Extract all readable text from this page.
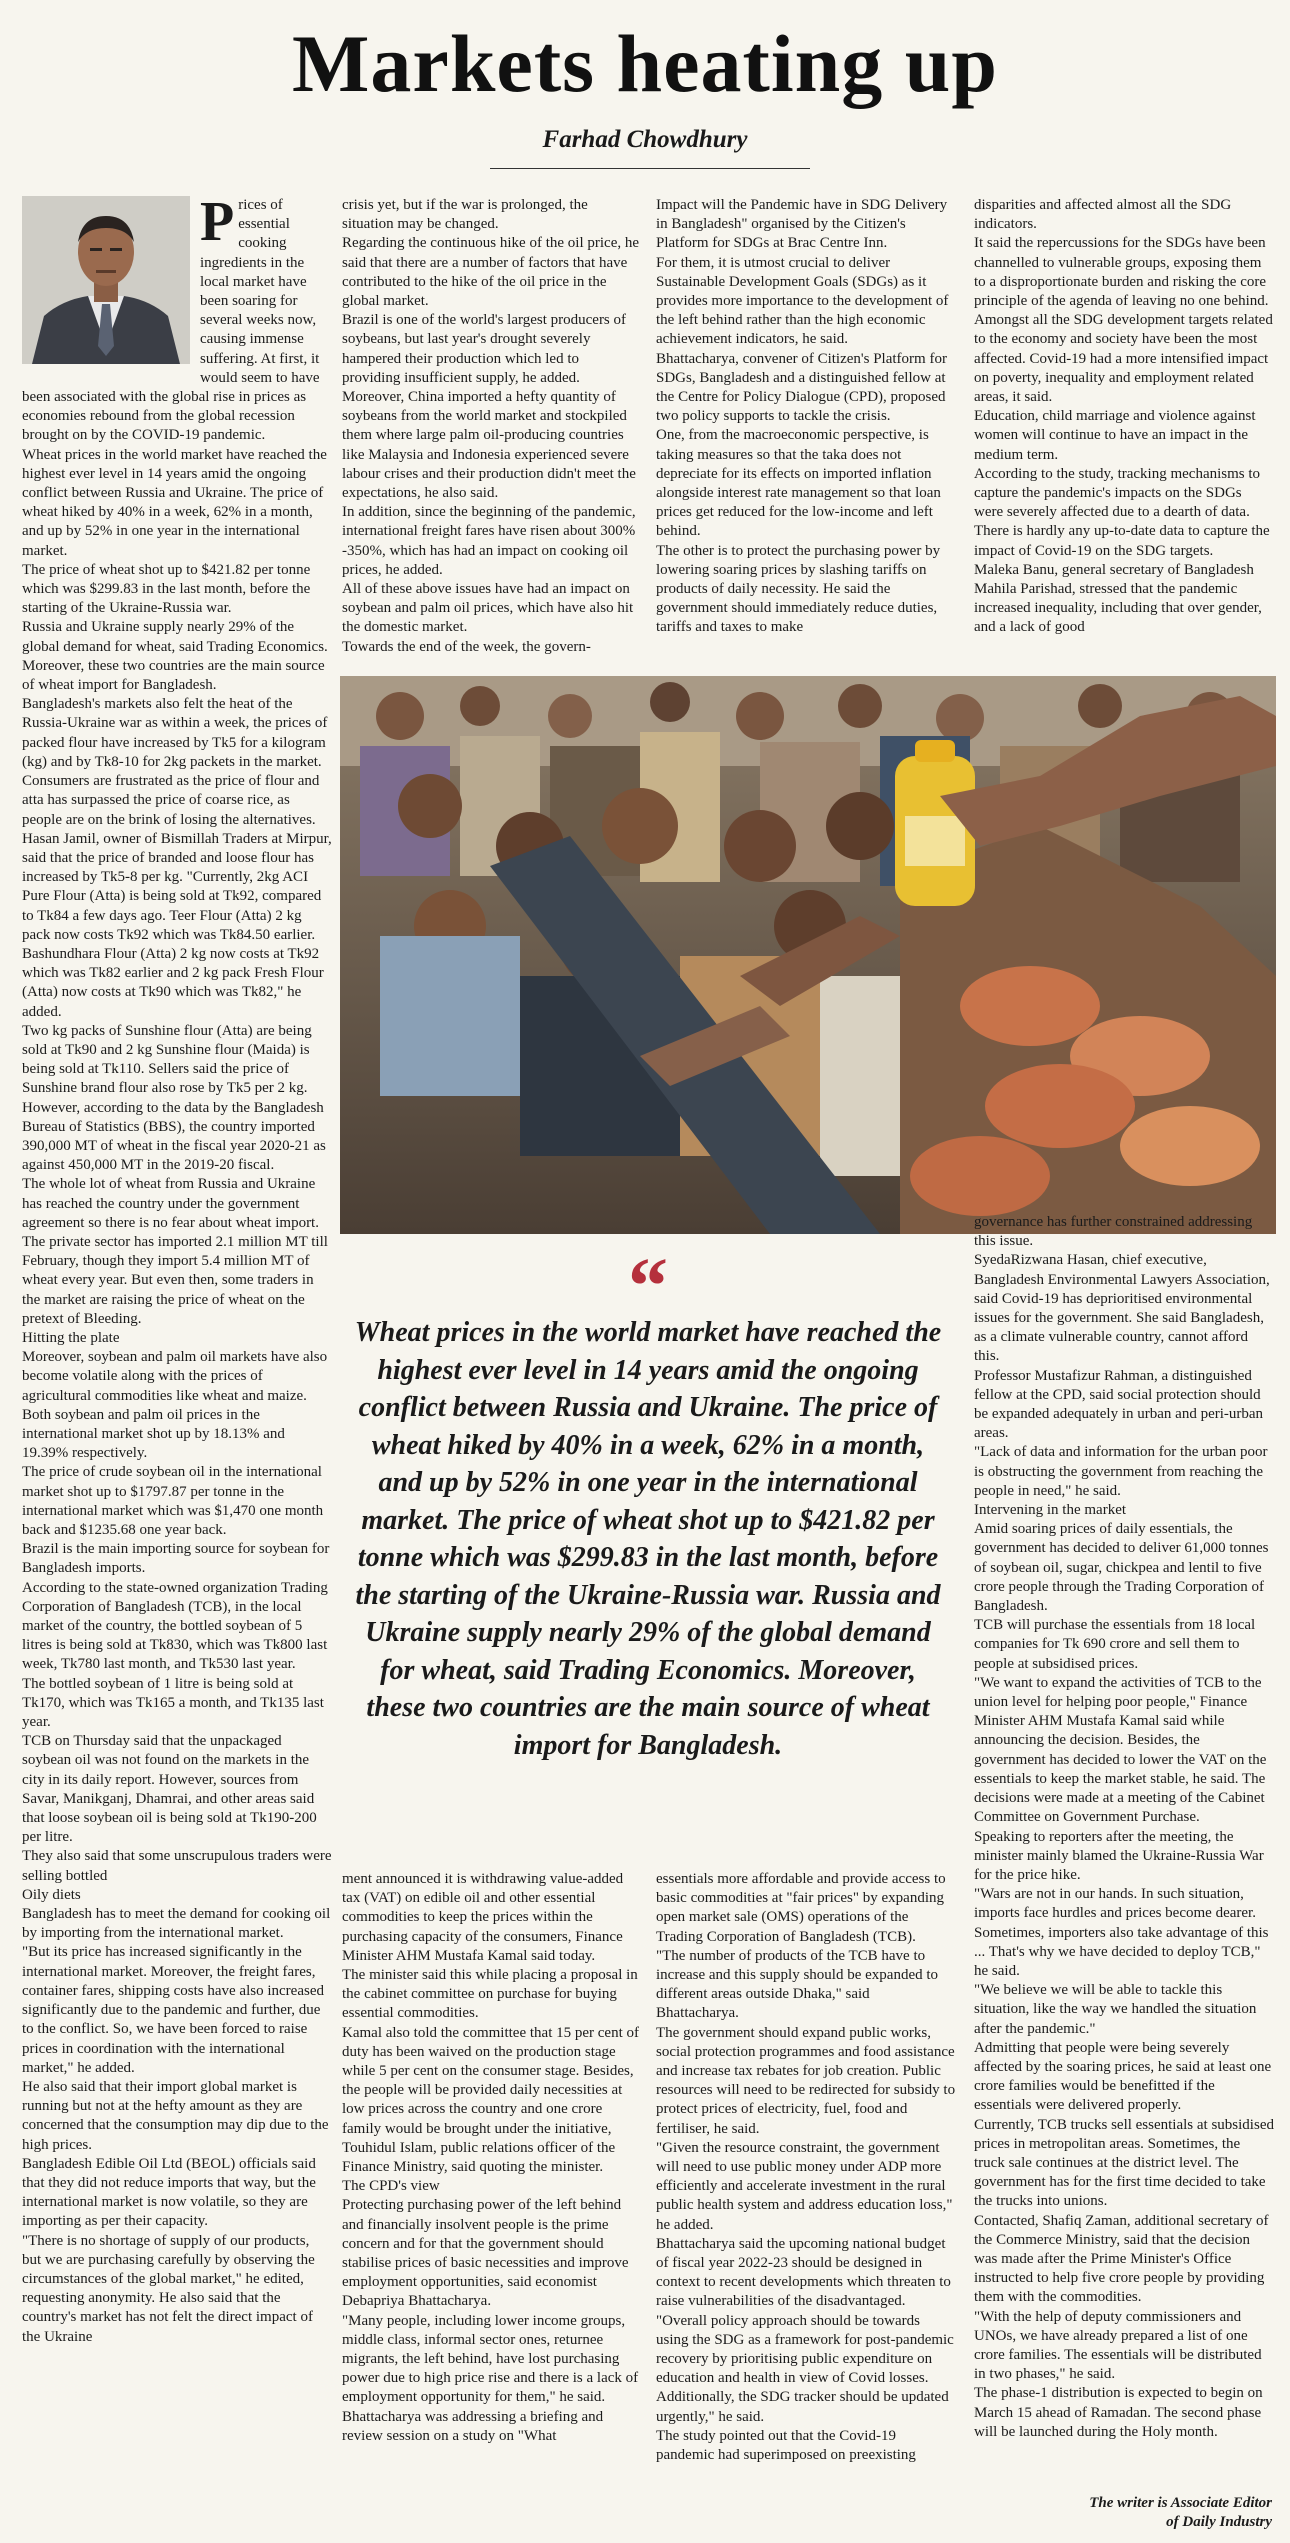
Markets heating up
Farhad Chowdhury
P rices of essential cooking ingredients in the local market have been soaring for several weeks now, causing immense suffering. At first, it would seem to have been associated with the global rise in prices as economies rebound from the global recession brought on by the COVID-19 pandemic.

Wheat prices in the world market have reached the highest ever level in 14 years amid the ongoing conflict between Russia and Ukraine. The price of wheat hiked by 40% in a week, 62% in a month, and up by 52% in one year in the international market.

The price of wheat shot up to $421.82 per tonne which was $299.83 in the last month, before the starting of the Ukraine-Russia war.

Russia and Ukraine supply nearly 29% of the global demand for wheat, said Trading Economics. Moreover, these two countries are the main source of wheat import for Bangladesh.

Bangladesh's markets also felt the heat of the Russia-Ukraine war as within a week, the prices of packed flour have increased by Tk5 for a kilogram (kg) and by Tk8-10 for 2kg packets in the market.

Consumers are frustrated as the price of flour and atta has surpassed the price of coarse rice, as people are on the brink of losing the alternatives.

Hasan Jamil, owner of Bismillah Traders at Mirpur, said that the price of branded and loose flour has increased by Tk5-8 per kg. "Currently, 2kg ACI Pure Flour (Atta) is being sold at Tk92, compared to Tk84 a few days ago. Teer Flour (Atta) 2 kg pack now costs Tk92 which was Tk84.50 earlier. Bashundhara Flour (Atta) 2 kg now costs at Tk92 which was Tk82 earlier and 2 kg pack Fresh Flour (Atta) now costs at Tk90 which was Tk82," he added.

Two kg packs of Sunshine flour (Atta) are being sold at Tk90 and 2 kg Sunshine flour (Maida) is being sold at Tk110. Sellers said the price of Sunshine brand flour also rose by Tk5 per 2 kg.

However, according to the data by the Bangladesh Bureau of Statistics (BBS), the country imported 390,000 MT of wheat in the fiscal year 2020-21 as against 450,000 MT in the 2019-20 fiscal.

The whole lot of wheat from Russia and Ukraine has reached the country under the government agreement so there is no fear about wheat import. The private sector has imported 2.1 million MT till February, though they import 5.4 million MT of wheat every year. But even then, some traders in the market are raising the price of wheat on the pretext of Bleeding.

Hitting the plate

Moreover, soybean and palm oil markets have also become volatile along with the prices of agricultural commodities like wheat and maize.

Both soybean and palm oil prices in the international market shot up by 18.13% and 19.39% respectively.

The price of crude soybean oil in the international market shot up to $1797.87 per tonne in the international market which was $1,470 one month back and $1235.68 one year back.

Brazil is the main importing source for soybean for Bangladesh imports.

According to the state-owned organization Trading Corporation of Bangladesh (TCB), in the local market of the country, the bottled soybean of 5 litres is being sold at Tk830, which was Tk800 last week, Tk780 last month, and Tk530 last year.

The bottled soybean of 1 litre is being sold at Tk170, which was Tk165 a month, and Tk135 last year.

TCB on Thursday said that the unpackaged soybean oil was not found on the markets in the city in its daily report. However, sources from Savar, Manikganj, Dhamrai, and other areas said that loose soybean oil is being sold at Tk190-200 per litre.

They also said that some unscrupulous traders were selling bottled

Oily diets

Bangladesh has to meet the demand for cooking oil by importing from the international market.

"But its price has increased significantly in the international market. Moreover, the freight fares, container fares, shipping costs have also increased significantly due to the pandemic and further, due to the conflict. So, we have been forced to raise prices in coordination with the international market," he added.

He also said that their import global market is running but not at the hefty amount as they are concerned that the consumption may dip due to the high prices.

Bangladesh Edible Oil Ltd (BEOL) officials said that they did not reduce imports that way, but the international market is now volatile, so they are importing as per their capacity.

"There is no shortage of supply of our products, but we are purchasing carefully by observing the circumstances of the global market," he edited, requesting anonymity. He also said that the country's market has not felt the direct impact of the Ukraine

crisis yet, but if the war is prolonged, the situation may be changed.

Regarding the continuous hike of the oil price, he said that there are a number of factors that have contributed to the hike of the oil price in the global market.

Brazil is one of the world's largest producers of soybeans, but last year's drought severely hampered their production which led to providing insufficient supply, he added.

Moreover, China imported a hefty quantity of soybeans from the world market and stockpiled them where large palm oil-producing countries like Malaysia and Indonesia experienced severe labour crises and their production didn't meet the expectations, he also said.

In addition, since the beginning of the pandemic, international freight fares have risen about 300% -350%, which has had an impact on cooking oil prices, he added.

All of these above issues have had an impact on soybean and palm oil prices, which have also hit the domestic market.

Towards the end of the week, the govern-

Impact will the Pandemic have in SDG Delivery in Bangladesh" organised by the Citizen's Platform for SDGs at Brac Centre Inn.

For them, it is utmost crucial to deliver Sustainable Development Goals (SDGs) as it provides more importance to the development of the left behind rather than the high economic achievement indicators, he said.

Bhattacharya, convener of Citizen's Platform for SDGs, Bangladesh and a distinguished fellow at the Centre for Policy Dialogue (CPD), proposed two policy supports to tackle the crisis.

One, from the macroeconomic perspective, is taking measures so that the taka does not depreciate for its effects on imported inflation alongside interest rate management so that loan prices get reduced for the low-income and left behind.

The other is to protect the purchasing power by lowering soaring prices by slashing tariffs on products of daily necessity. He said the government should immediately reduce duties, tariffs and taxes to make

disparities and affected almost all the SDG indicators.

It said the repercussions for the SDGs have been channelled to vulnerable groups, exposing them to a disproportionate burden and risking the core principle of the agenda of leaving no one behind.

Amongst all the SDG development targets related to the economy and society have been the most affected. Covid-19 had a more intensified impact on poverty, inequality and employment related areas, it said.

Education, child marriage and violence against women will continue to have an impact in the medium term.

According to the study, tracking mechanisms to capture the pandemic's impacts on the SDGs were severely affected due to a dearth of data. There is hardly any up-to-date data to capture the impact of Covid-19 on the SDG targets.

Maleka Banu, general secretary of Bangladesh Mahila Parishad, stressed that the pandemic increased inequality, including that over gender, and a lack of good

“
Wheat prices in the world market have reached the highest ever level in 14 years amid the ongoing conflict between Russia and Ukraine. The price of wheat hiked by 40% in a week, 62% in a month, and up by 52% in one year in the international market. The price of wheat shot up to $421.82 per tonne which was $299.83 in the last month, before the starting of the Ukraine-Russia war. Russia and Ukraine supply nearly 29% of the global demand for wheat, said Trading Economics. Moreover, these two countries are the main source of wheat import for Bangladesh.

governance has further constrained addressing this issue.

SyedaRizwana Hasan, chief executive, Bangladesh Environmental Lawyers Association, said Covid-19 has deprioritised environmental issues for the government. She said Bangladesh, as a climate vulnerable country, cannot afford this.

Professor Mustafizur Rahman, a distinguished fellow at the CPD, said social protection should be expanded adequately in urban and peri-urban areas.

"Lack of data and information for the urban poor is obstructing the government from reaching the people in need," he said.

Intervening in the market

Amid soaring prices of daily essentials, the government has decided to deliver 61,000 tonnes of soybean oil, sugar, chickpea and lentil to five crore people through the Trading Corporation of Bangladesh.

TCB will purchase the essentials from 18 local companies for Tk 690 crore and sell them to people at subsidised prices.

"We want to expand the activities of TCB to the union level for helping poor people," Finance Minister AHM Mustafa Kamal said while announcing the decision. Besides, the government has decided to lower the VAT on the essentials to keep the market stable, he said. The decisions were made at a meeting of the Cabinet Committee on Government Purchase.

Speaking to reporters after the meeting, the minister mainly blamed the Ukraine-Russia War for the price hike.

"Wars are not in our hands. In such situation, imports face hurdles and prices become dearer. Sometimes, importers also take advantage of this ... That's why we have decided to deploy TCB," he said.

"We believe we will be able to tackle this situation, like the way we handled the situation after the pandemic."

Admitting that people were being severely affected by the soaring prices, he said at least one crore families would be benefitted if the essentials were delivered properly.

Currently, TCB trucks sell essentials at subsidised prices in metropolitan areas. Sometimes, the truck sale continues at the district level. The government has for the first time decided to take the trucks into unions.

Contacted, Shafiq Zaman, additional secretary of the Commerce Ministry, said that the decision was made after the Prime Minister's Office instructed to help five crore people by providing them with the commodities.

"With the help of deputy commissioners and UNOs, we have already prepared a list of one crore families. The essentials will be distributed in two phases," he said.

The phase-1 distribution is expected to begin on March 15 ahead of Ramadan. The second phase will be launched during the Holy month.

ment announced it is withdrawing value-added tax (VAT) on edible oil and other essential commodities to keep the prices within the purchasing capacity of the consumers, Finance Minister AHM Mustafa Kamal said today.

The minister said this while placing a proposal in the cabinet committee on purchase for buying essential commodities.

Kamal also told the committee that 15 per cent of duty has been waived on the production stage while 5 per cent on the consumer stage. Besides, the people will be provided daily necessities at low prices across the country and one crore family would be brought under the initiative, Touhidul Islam, public relations officer of the Finance Ministry, said quoting the minister.

The CPD's view

Protecting purchasing power of the left behind and financially insolvent people is the prime concern and for that the government should stabilise prices of basic necessities and improve employment opportunities, said economist Debapriya Bhattacharya.

"Many people, including lower income groups, middle class, informal sector ones, returnee migrants, the left behind, have lost purchasing power due to high price rise and there is a lack of employment opportunity for them," he said.

Bhattacharya was addressing a briefing and review session on a study on "What

essentials more affordable and provide access to basic commodities at "fair prices" by expanding open market sale (OMS) operations of the Trading Corporation of Bangladesh (TCB).

"The number of products of the TCB have to increase and this supply should be expanded to different areas outside Dhaka," said Bhattacharya.

The government should expand public works, social protection programmes and food assistance and increase tax rebates for job creation. Public resources will need to be redirected for subsidy to protect prices of electricity, fuel, food and fertiliser, he said.

"Given the resource constraint, the government will need to use public money under ADP more efficiently and accelerate investment in the rural public health system and address education loss," he added.

Bhattacharya said the upcoming national budget of fiscal year 2022-23 should be designed in context to recent developments which threaten to raise vulnerabilities of the disadvantaged.

"Overall policy approach should be towards using the SDG as a framework for post-pandemic recovery by prioritising public expenditure on education and health in view of Covid losses. Additionally, the SDG tracker should be updated urgently," he said.

The study pointed out that the Covid-19 pandemic had superimposed on preexisting

The writer is Associate Editor
of Daily Industry
